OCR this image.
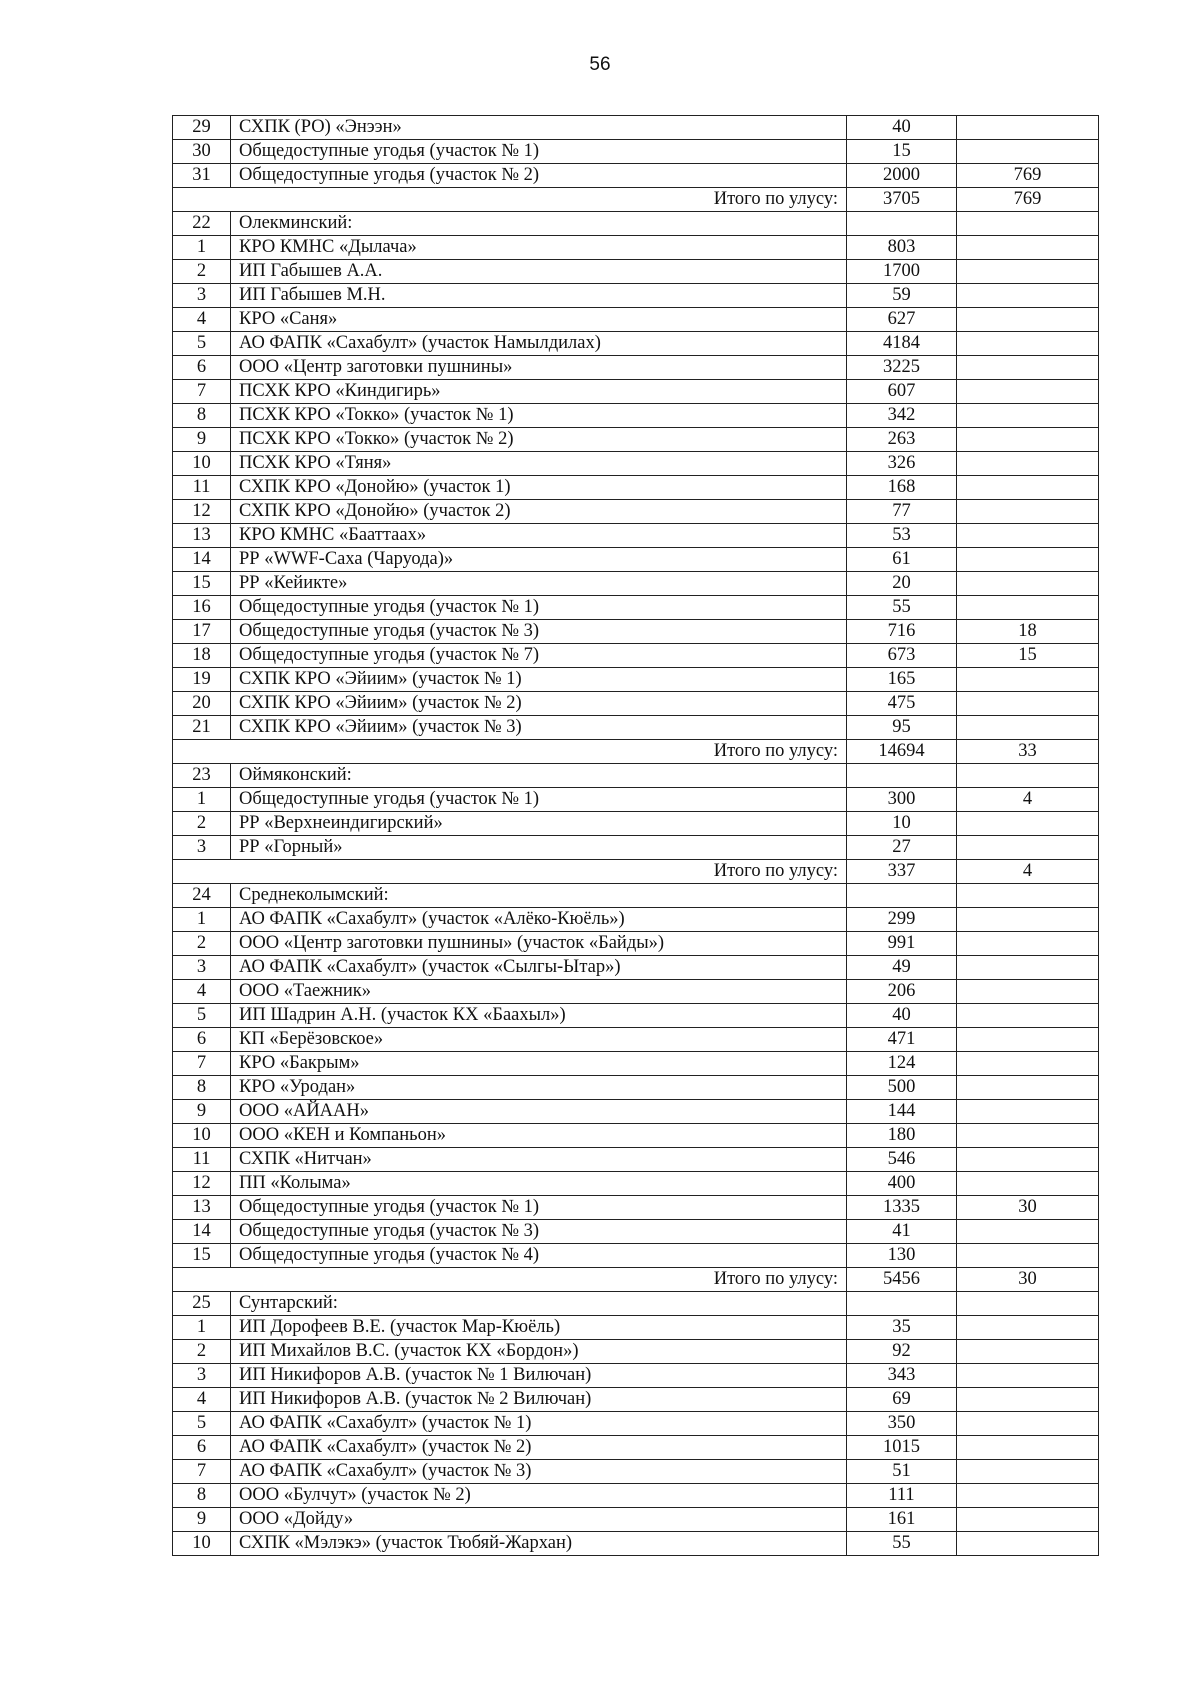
56
29	СХПК (РО) «Энээн»	40	
30	Общедоступные угодья (участок № 1)	15	
31	Общедоступные угодья (участок № 2)	2000	769
Итого по улусу:		3705	769
22	Олекминский:		
1	КРО КМНС «Дылача»	803	
2	ИП Габышев А.А.	1700	
3	ИП Габышев М.Н.	59	
4	КРО «Саня»	627	
5	АО ФАПК «Сахабулт» (участок Намылдилах)	4184	
6	ООО «Центр заготовки пушнины»	3225	
7	ПСХК КРО «Киндигирь»	607	
8	ПСХК КРО «Токко» (участок № 1)	342	
9	ПСХК КРО «Токко» (участок № 2)	263	
10	ПСХК КРО «Тяня»	326	
11	СХПК КРО «Донойю» (участок 1)	168	
12	СХПК КРО «Донойю» (участок 2)	77	
13	КРО КМНС «Бааттаах»	53	
14	РР «WWF-Саха (Чаруода)»	61	
15	РР «Кейикте»	20	
16	Общедоступные угодья (участок № 1)	55	
17	Общедоступные угодья (участок № 3)	716	18
18	Общедоступные угодья (участок № 7)	673	15
19	СХПК КРО «Эйиим» (участок № 1)	165	
20	СХПК КРО «Эйиим» (участок № 2)	475	
21	СХПК КРО «Эйиим» (участок № 3)	95	
Итого по улусу:		14694	33
23	Оймяконский:		
1	Общедоступные угодья (участок № 1)	300	4
2	РР «Верхнеиндигирский»	10	
3	РР «Горный»	27	
Итого по улусу:		337	4
24	Среднеколымский:		
1	АО ФАПК «Сахабулт» (участок «Алёко-Кюёль»)	299	
2	ООО «Центр заготовки пушнины» (участок «Байды»)	991	
3	АО ФАПК «Сахабулт» (участок «Сылгы-Ытар»)	49	
4	ООО «Таежник»	206	
5	ИП Шадрин А.Н. (участок КХ «Баахыл»)	40	
6	КП «Берёзовское»	471	
7	КРО «Бакрым»	124	
8	КРО «Уродан»	500	
9	ООО «АЙААН»	144	
10	ООО «КЕН и Компаньон»	180	
11	СХПК «Нитчан»	546	
12	ПП «Колыма»	400	
13	Общедоступные угодья (участок № 1)	1335	30
14	Общедоступные угодья (участок № 3)	41	
15	Общедоступные угодья (участок № 4)	130	
Итого по улусу:		5456	30
25	Сунтарский:		
1	ИП Дорофеев В.Е. (участок Мар-Кюёль)	35	
2	ИП Михайлов В.С. (участок КХ «Бордон»)	92	
3	ИП Никифоров А.В. (участок № 1 Вилючан)	343	
4	ИП Никифоров А.В. (участок № 2 Вилючан)	69	
5	АО ФАПК «Сахабулт» (участок № 1)	350	
6	АО ФАПК «Сахабулт» (участок № 2)	1015	
7	АО ФАПК «Сахабулт» (участок № 3)	51	
8	ООО «Булчут» (участок № 2)	111	
9	ООО «Дойду»	161	
10	СХПК «Мэлэкэ» (участок Тюбяй-Жархан)	55	
